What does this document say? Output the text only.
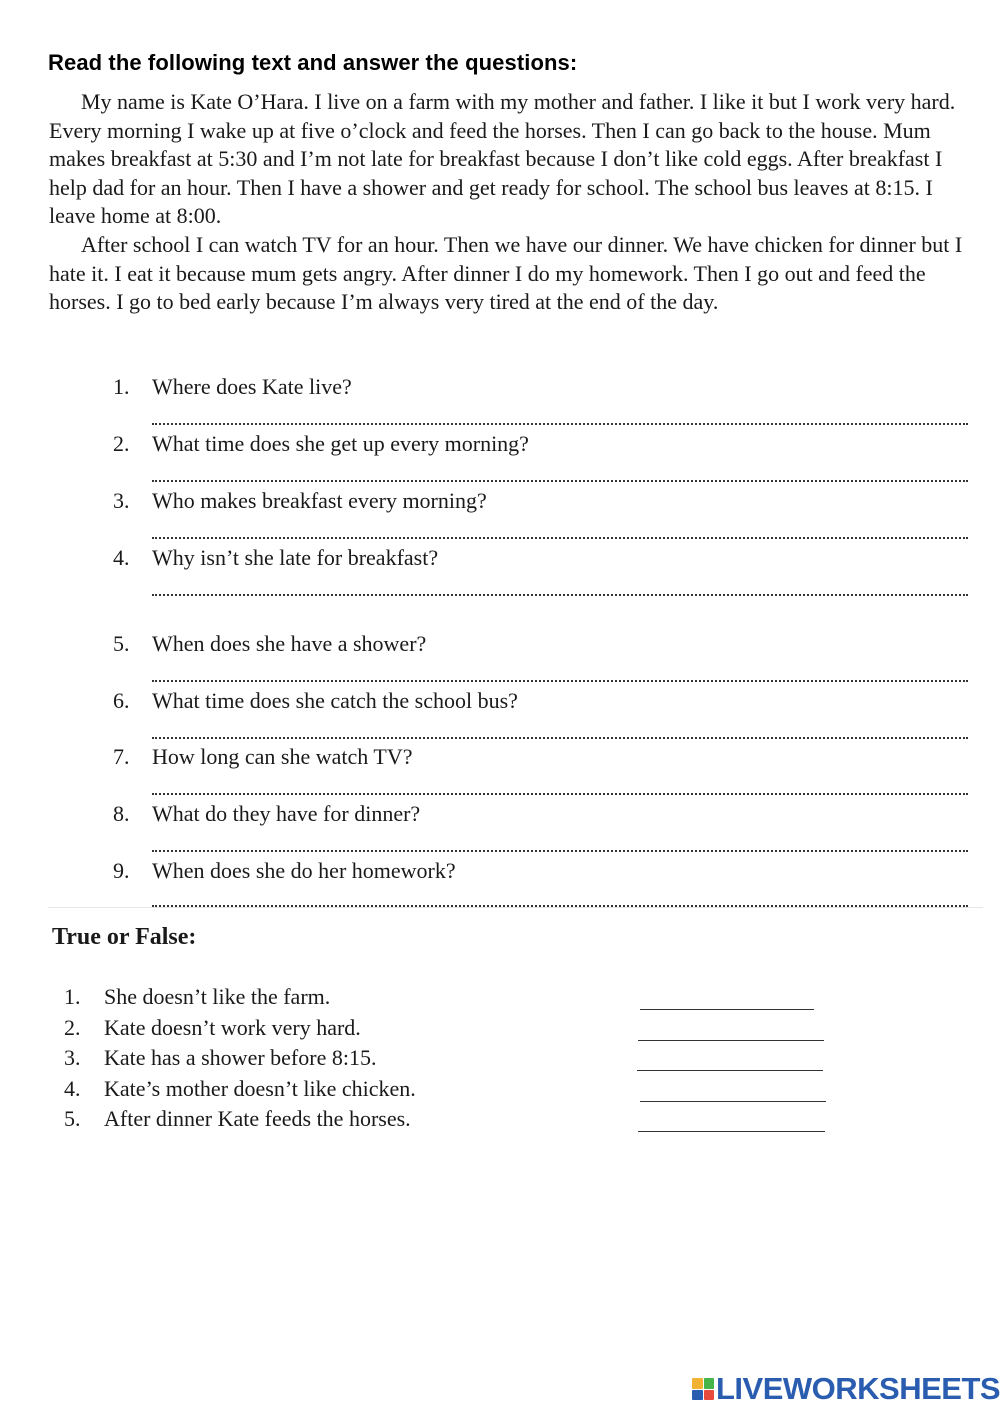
Read the following text and answer the questions:

My name is Kate O’Hara. I live on a farm with my mother and father. I like it but I work very hard. Every morning I wake up at five o’clock and feed the horses. Then I can go back to the house. Mum makes breakfast at 5:30 and I’m not late for breakfast because I don’t like cold eggs. After breakfast I help dad for an hour. Then I have a shower and get ready for school. The school bus leaves at 8:15. I leave home at 8:00.

After school I can watch TV for an hour. Then we have our dinner. We have chicken for dinner but I hate it. I eat it because mum gets angry. After dinner I do my homework. Then I go out and feed the horses. I go to bed early because I’m always very tired at the end of the day.

1. Where does Kate live?
2. What time does she get up every morning?
3. Who makes breakfast every morning?
4. Why isn’t she late for breakfast?
5. When does she have a shower?
6. What time does she catch the school bus?
7. How long can she watch TV?
8. What do they have for dinner?
9. When does she do her homework?
True or False:
1. She doesn’t like the farm.
2. Kate doesn’t work very hard.
3. Kate has a shower before 8:15.
4. Kate’s mother doesn’t like chicken.
5. After dinner Kate feeds the horses.
LIVEWORKSHEETS
